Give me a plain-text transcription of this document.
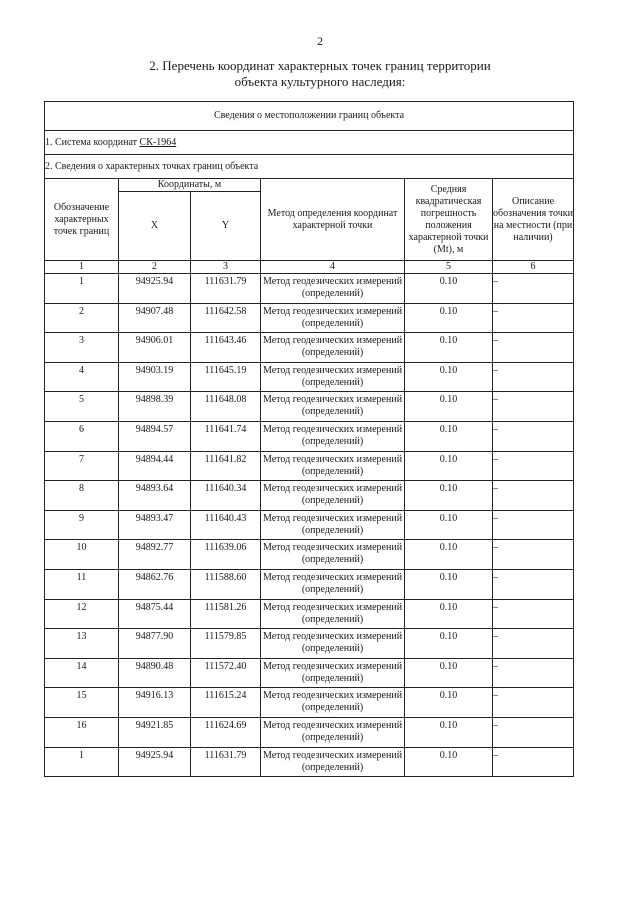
2
2. Перечень координат характерных точек границ территории
объекта культурного наследия:
Сведения о местоположении границ объекта					
1. Система координат СК-1964					
2. Сведения о характерных точках границ объекта					
Обозначение характерных точек границ	Координаты, м		Метод определения координат характерной точки	Средняя квадратическая погрешность положения характерной точки (Mt), м	Описание обозначения точки на местности (при наличии)
	X	Y			
1	2	3	4	5	6
1	94925.94	111631.79	Метод геодезических измерений (определений)	0.10	–
2	94907.48	111642.58	Метод геодезических измерений (определений)	0.10	–
3	94906.01	111643.46	Метод геодезических измерений (определений)	0.10	–
4	94903.19	111645.19	Метод геодезических измерений (определений)	0.10	–
5	94898.39	111648.08	Метод геодезических измерений (определений)	0.10	–
6	94894.57	111641.74	Метод геодезических измерений (определений)	0.10	–
7	94894.44	111641.82	Метод геодезических измерений (определений)	0.10	–
8	94893.64	111640.34	Метод геодезических измерений (определений)	0.10	–
9	94893.47	111640.43	Метод геодезических измерений (определений)	0.10	–
10	94892.77	111639.06	Метод геодезических измерений (определений)	0.10	–
11	94862.76	111588.60	Метод геодезических измерений (определений)	0.10	–
12	94875.44	111581.26	Метод геодезических измерений (определений)	0.10	–
13	94877.90	111579.85	Метод геодезических измерений (определений)	0.10	–
14	94890.48	111572.40	Метод геодезических измерений (определений)	0.10	–
15	94916.13	111615.24	Метод геодезических измерений (определений)	0.10	–
16	94921.85	111624.69	Метод геодезических измерений (определений)	0.10	–
1	94925.94	111631.79	Метод геодезических измерений (определений)	0.10	–
